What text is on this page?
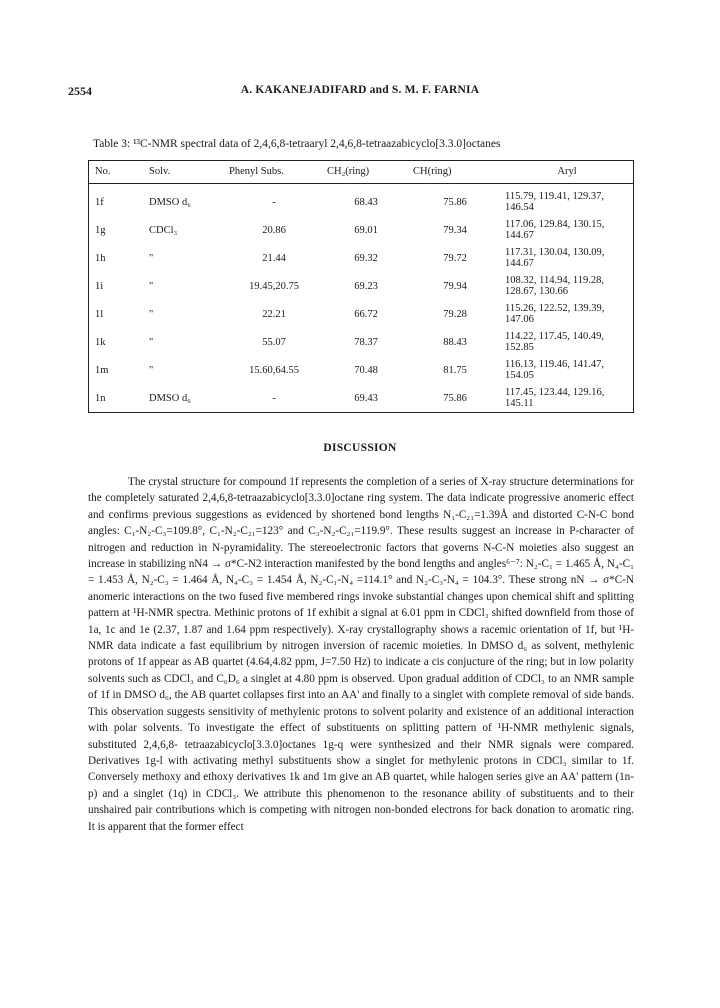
2554	A. KAKANEJADIFARD and S. M. F. FARNIA
Table 3: ¹³C-NMR spectral data of 2,4,6,8-tetraaryl 2,4,6,8-tetraazabicyclo[3.3.0]octanes
No.	Solv.	Phenyl Subs.	CH₂(ring)	CH(ring)	Aryl
1f	DMSO d₆	-	68.43	75.86	115.79, 119.41, 129.37, 146.54
1g	CDCl₃	20.86	69.01	79.34	117.06, 129.84, 130.15, 144.67
1h	"	21.44	69.32	79.72	117.31, 130.04, 130.09, 144.67
1i	"	19.45,20.75	69.23	79.94	108.32, 114.94, 119.28, 128.67, 130.66
1l	"	22.21	66.72	79.28	115.26, 122.52, 139.39, 147.06
1k	"	55.07	78.37	88.43	114.22, 117.45, 140.49, 152.85
1m	"	15.60,64.55	70.48	81.75	116.13, 119.46, 141.47, 154.05
1n	DMSO d₆	-	69.43	75.86	117.45, 123.44, 129.16, 145.11
DISCUSSION

The crystal structure for compound 1f represents the completion of a series of X-ray structure determinations for the completely saturated 2,4,6,8-tetraazabicyclo[3.3.0]octane ring system. The data indicate progressive anomeric effect and confirms previous suggestions as evidenced by shortened bond lengths N₁-C₂₁=1.39Å and distorted C-N-C bond angles: C₁-N₂-C₃=109.8°, C₁-N₂-C₂₁=123° and C₃-N₂-C₂₁=119.9°. These results suggest an increase in P-character of nitrogen and reduction in N-pyramidality. The stereoelectronic factors that governs N-C-N moieties also suggest an increase in stabilizing nN4 → σ*C-N2 interaction manifested by the bond lengths and angles⁶⁻⁷: N₂-C₁ = 1.465 Å, N₄-C₁ = 1.453 Å, N₂-C₃ = 1.464 Å, N₄-C₃ = 1.454 Å, N₂-C₁-N₄ =114.1° and N₂-C₃-N₄ = 104.3°. These strong nN → σ*C-N anomeric interactions on the two fused five membered rings invoke substantial changes upon chemical shift and splitting pattern at ¹H-NMR spectra. Methinic protons of 1f exhibit a signal at 6.01 ppm in CDCl₃ shifted downfield from those of 1a, 1c and 1e (2.37, 1.87 and 1.64 ppm respectively). X-ray crystallography shows a racemic orientation of 1f, but ¹H-NMR data indicate a fast equilibrium by nitrogen inversion of racemic moieties. In DMSO d₆ as solvent, methylenic protons of 1f appear as AB quartet (4.64,4.82 ppm, J=7.50 Hz) to indicate a cis conjucture of the ring; but in low polarity solvents such as CDCl₃ and C₆D₆ a singlet at 4.80 ppm is observed. Upon gradual addition of CDCl₃ to an NMR sample of 1f in DMSO d₆, the AB quartet collapses first into an AA' and finally to a singlet with complete removal of side bands. This observation suggests sensitivity of methylenic protons to solvent polarity and existence of an additional interaction with polar solvents. To investigate the effect of substituents on splitting pattern of ¹H-NMR methylenic signals, substituted 2,4,6,8- tetraazabicyclo[3.3.0]octanes 1g-q were synthesized and their NMR signals were compared. Derivatives 1g-l with activating methyl substituents show a singlet for methylenic protons in CDCl₃ similar to 1f. Conversely methoxy and ethoxy derivatives 1k and 1m give an AB quartet, while halogen series give an AA' pattern (1n-p) and a singlet (1q) in CDCl₃. We attribute this phenomenon to the resonance ability of substituents and to their unshaired pair contributions which is competing with nitrogen non-bonded electrons for back donation to aromatic ring. It is apparent that the former effect
